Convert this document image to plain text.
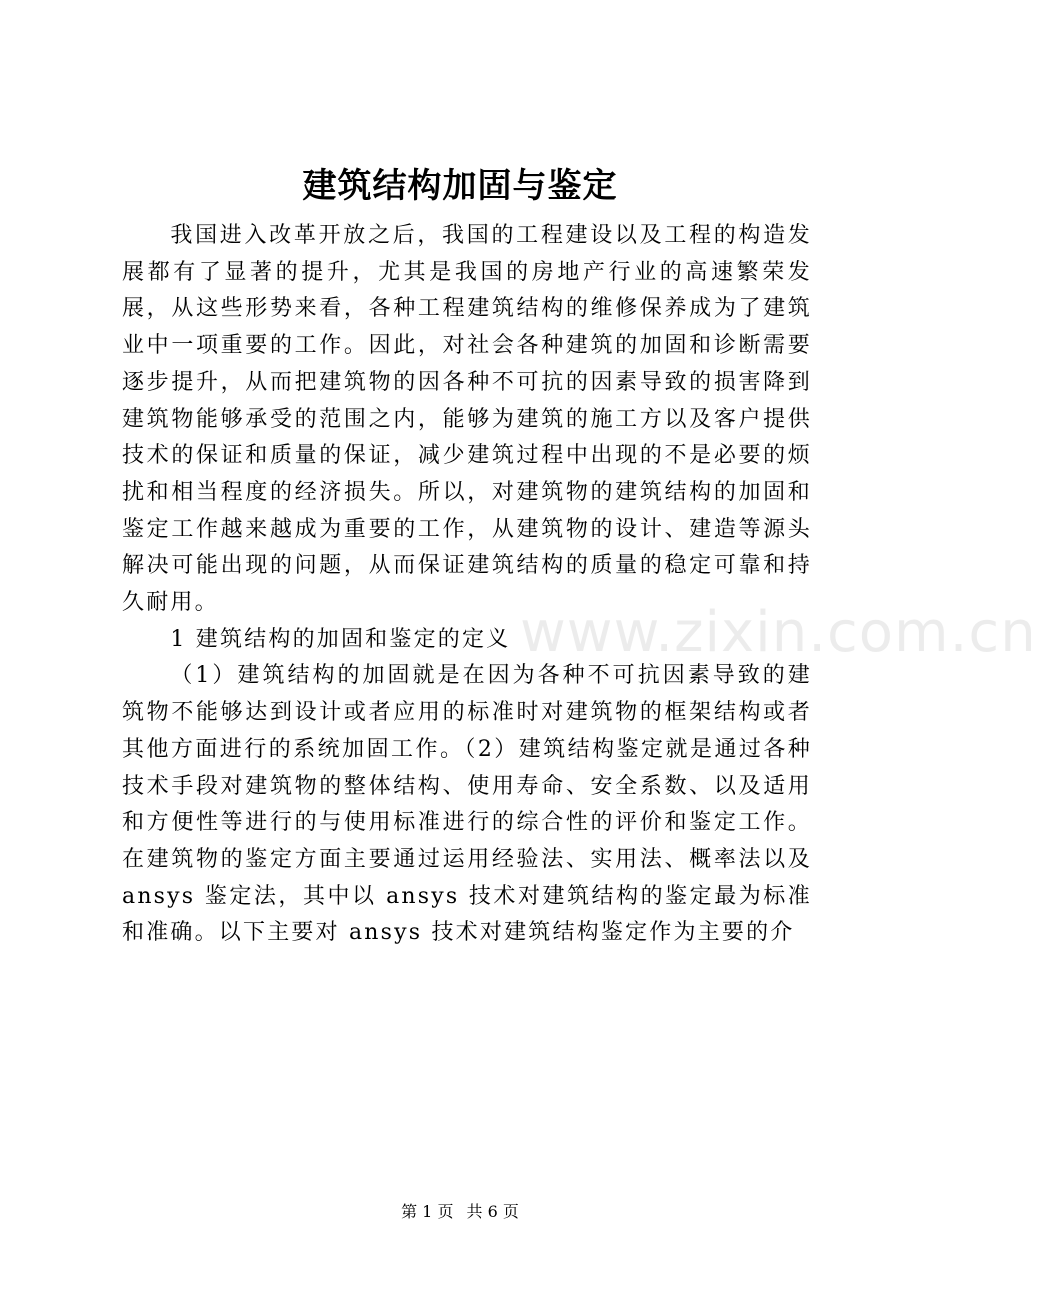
建筑结构加固与鉴定

我国进入改革开放之后，我国的工程建设以及工程的构造发展都有了显著的提升，尤其是我国的房地产行业的高速繁荣发展，从这些形势来看，各种工程建筑结构的维修保养成为了建筑业中一项重要的工作。因此，对社会各种建筑的加固和诊断需要逐步提升，从而把建筑物的因各种不可抗的因素导致的损害降到建筑物能够承受的范围之内，能够为建筑的施工方以及客户提供技术的保证和质量的保证，减少建筑过程中出现的不是必要的烦扰和相当程度的经济损失。所以，对建筑物的建筑结构的加固和鉴定工作越来越成为重要的工作，从建筑物的设计、建造等源头解决可能出现的问题，从而保证建筑结构的质量的稳定可靠和持久耐用。

1 建筑结构的加固和鉴定的定义

（1）建筑结构的加固就是在因为各种不可抗因素导致的建筑物不能够达到设计或者应用的标准时对建筑物的框架结构或者其他方面进行的系统加固工作。（2）建筑结构鉴定就是通过各种技术手段对建筑物的整体结构、使用寿命、安全系数、以及适用和方便性等进行的与使用标准进行的综合性的评价和鉴定工作。在建筑物的鉴定方面主要通过运用经验法、实用法、概率法以及 ansys 鉴定法，其中以 ansys 技术对建筑结构的鉴定最为标准和准确。以下主要对 ansys 技术对建筑结构鉴定作为主要的介

www.zixin.com.cn
第 1 页 共 6 页
